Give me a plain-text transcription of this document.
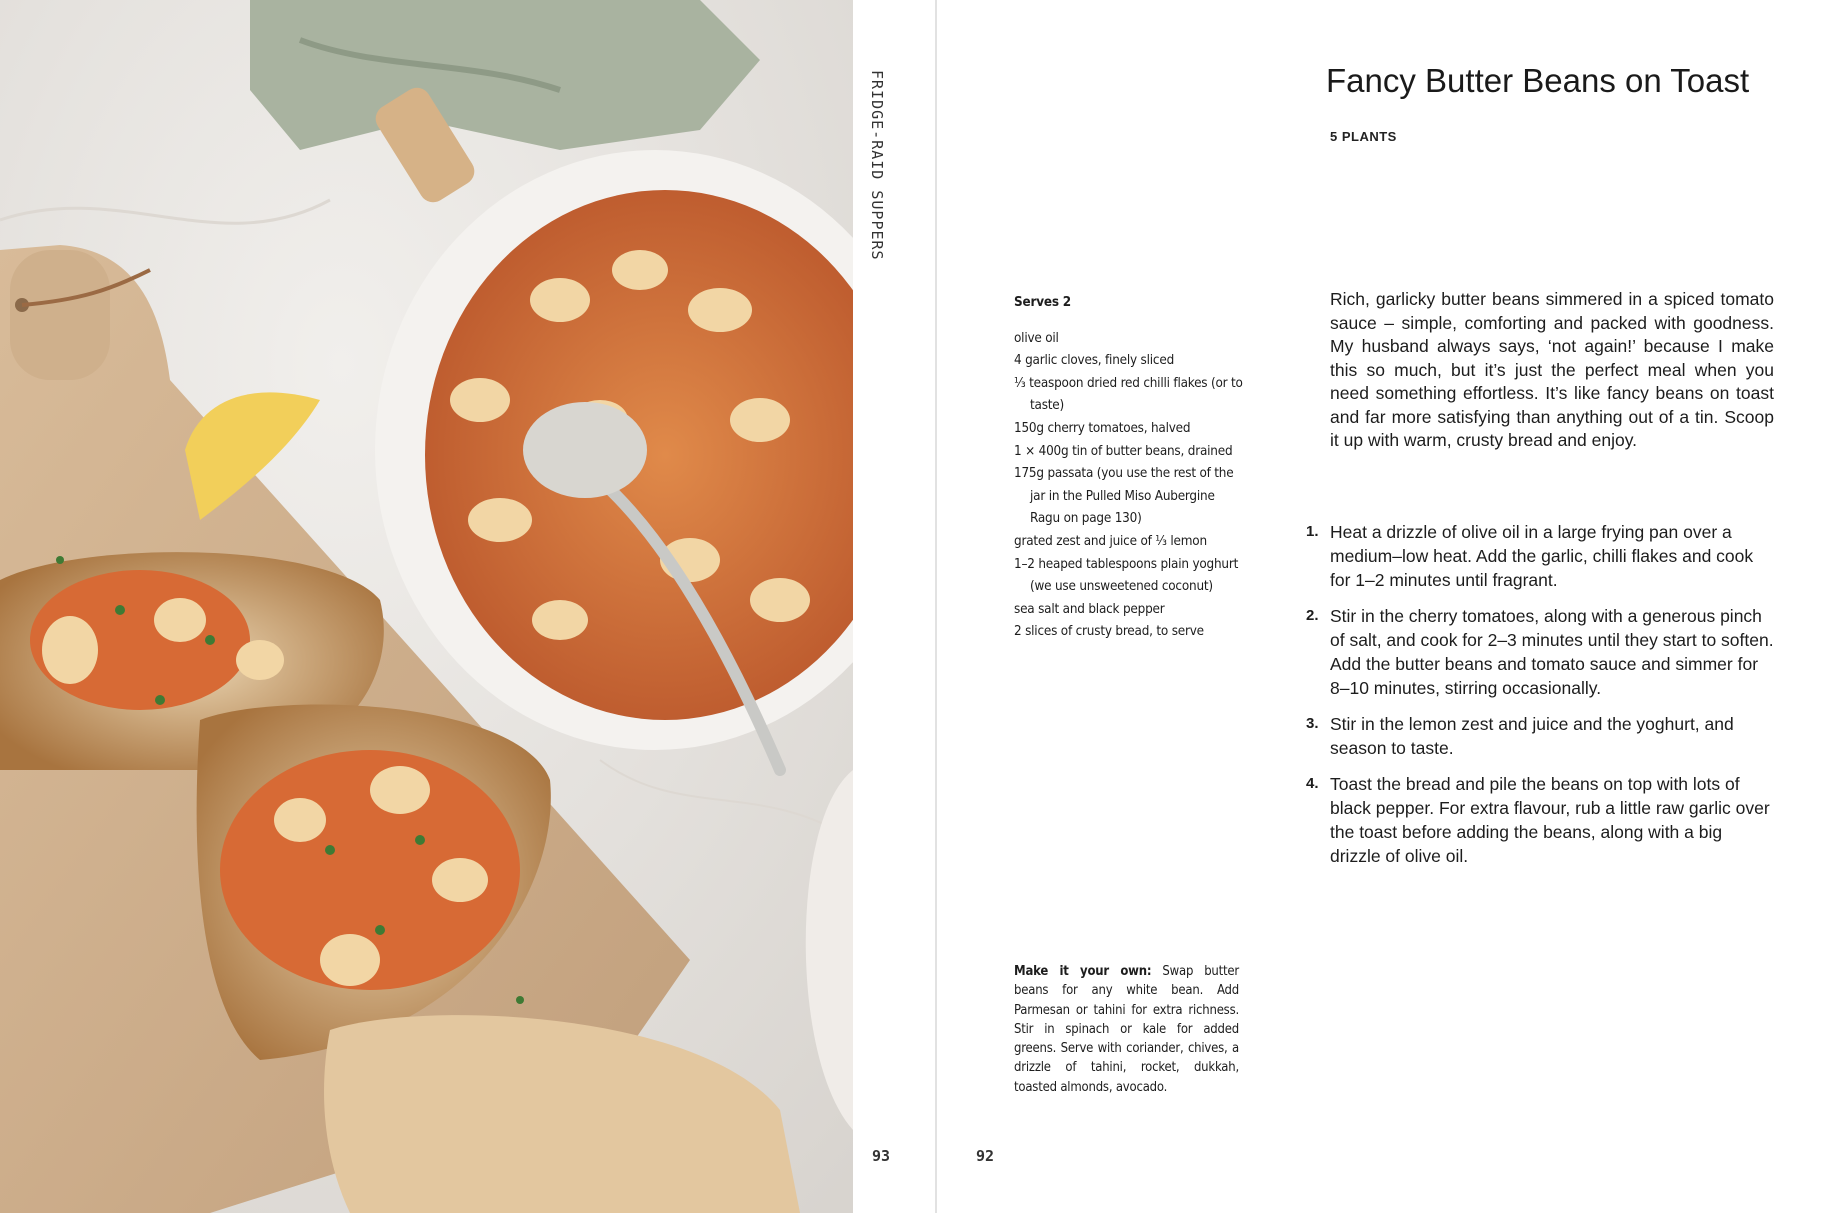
FRIDGE-RAID SUPPERS
93	92
Fancy Butter Beans on Toast
5 PLANTS
Serves 2
olive oil
4 garlic cloves, finely sliced
⅓ teaspoon dried red chilli flakes (or to taste)
150g cherry tomatoes, halved
1 × 400g tin of butter beans, drained
175g passata (you use the rest of the jar in the Pulled Miso Aubergine Ragu on page 130)
grated zest and juice of ⅓ lemon
1–2 heaped tablespoons plain yoghurt (we use unsweetened coconut)
sea salt and black pepper
2 slices of crusty bread, to serve

Rich, garlicky butter beans simmered in a spiced tomato sauce – simple, comforting and packed with goodness. My husband always says, ‘not again!’ because I make this so much, but it’s just the perfect meal when you need something effortless. It’s like fancy beans on toast and far more satisfying than anything out of a tin. Scoop it up with warm, crusty bread and enjoy.

1. Heat a drizzle of olive oil in a large frying pan over a medium–low heat. Add the garlic, chilli flakes and cook for 1–2 minutes until fragrant.
2. Stir in the cherry tomatoes, along with a generous pinch of salt, and cook for 2–3 minutes until they start to soften. Add the butter beans and tomato sauce and simmer for 8–10 minutes, stirring occasionally.
3. Stir in the lemon zest and juice and the yoghurt, and season to taste.
4. Toast the bread and pile the beans on top with lots of black pepper. For extra flavour, rub a little raw garlic over the toast before adding the beans, along with a big drizzle of olive oil.

Make it your own: Swap butter beans for any white bean. Add Parmesan or tahini for extra richness. Stir in spinach or kale for added greens. Serve with coriander, chives, a drizzle of tahini, rocket, dukkah, toasted almonds, avocado.
